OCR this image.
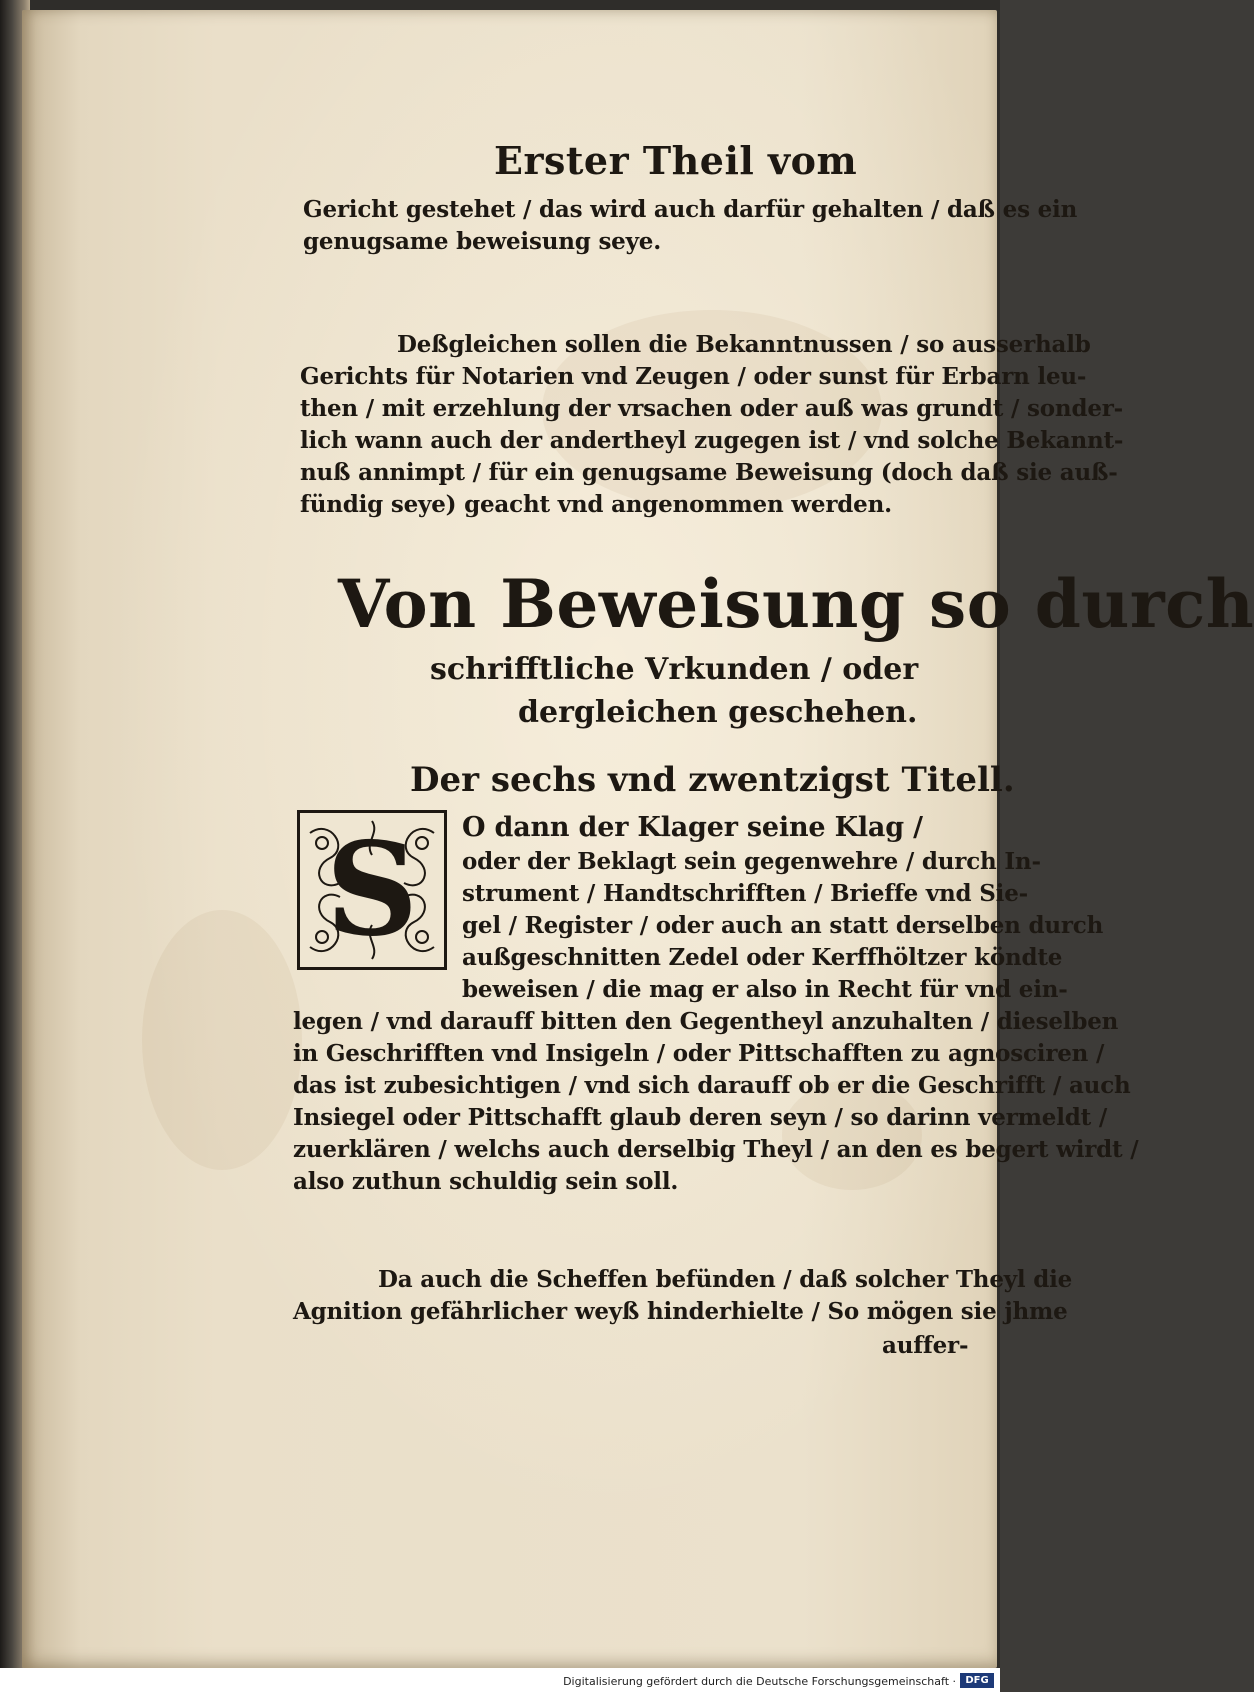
Erster Theil vom
Gericht gestehet / das wird auch darfür gehalten / daß es ein
genugsame beweisung seye.
Deßgleichen sollen die Bekanntnussen / so ausserhalb
Gerichts für Notarien vnd Zeugen / oder sunst für Erbarn leu-
then / mit erzehlung der vrsachen oder auß was grundt / sonder-
lich wann auch der andertheyl zugegen ist / vnd solche Bekannt-
nuß annimpt / für ein genugsame Beweisung (doch daß sie auß-
fündig seye) geacht vnd angenommen werden.
Von Beweisung so durch
schrifftliche Vrkunden / oder
dergleichen geschehen.
Der sechs vnd zwentzigst Titell.
S	O dann der Klager seine Klag /
oder der Beklagt sein gegenwehre / durch In-
strument / Handtschrifften / Brieffe vnd Sie-
gel / Register / oder auch an statt derselben durch
außgeschnitten Zedel oder Kerffhöltzer köndte
beweisen / die mag er also in Recht für vnd ein-
legen / vnd darauff bitten den Gegentheyl anzuhalten / dieselben
in Geschrifften vnd Insigeln / oder Pittschafften zu agnosciren /
das ist zubesichtigen / vnd sich darauff ob er die Geschrifft / auch
Insiegel oder Pittschafft glaub deren seyn / so darinn vermeldt /
zuerklären / welchs auch derselbig Theyl / an den es begert wirdt /
also zuthun schuldig sein soll.
Da auch die Scheffen befünden / daß solcher Theyl die
Agnition gefährlicher weyß hinderhielte / So mögen sie jhme
auffer-
Digitalisierung gefördert durch die Deutsche Forschungsgemeinschaft · DFG
